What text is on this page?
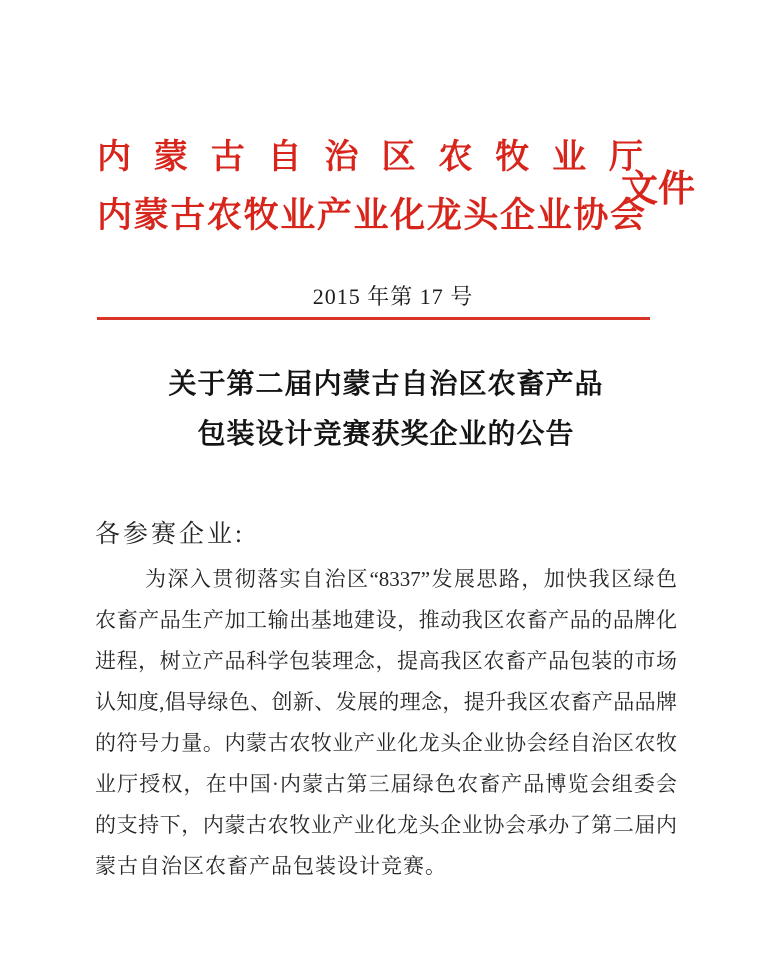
内蒙古自治区农牧业厅
内蒙古农牧业产业化龙头企业协会
文件
2015 年第 17 号
关于第二届内蒙古自治区农畜产品
包装设计竞赛获奖企业的公告
各参赛企业:
为深入贯彻落实自治区“8337”发展思路，加快我区绿色
农畜产品生产加工输出基地建设，推动我区农畜产品的品牌化
进程，树立产品科学包装理念，提高我区农畜产品包装的市场
认知度,倡导绿色、创新、发展的理念，提升我区农畜产品品牌
的符号力量。内蒙古农牧业产业化龙头企业协会经自治区农牧
业厅授权，在中国·内蒙古第三届绿色农畜产品博览会组委会
的支持下，内蒙古农牧业产业化龙头企业协会承办了第二届内
蒙古自治区农畜产品包装设计竞赛。
